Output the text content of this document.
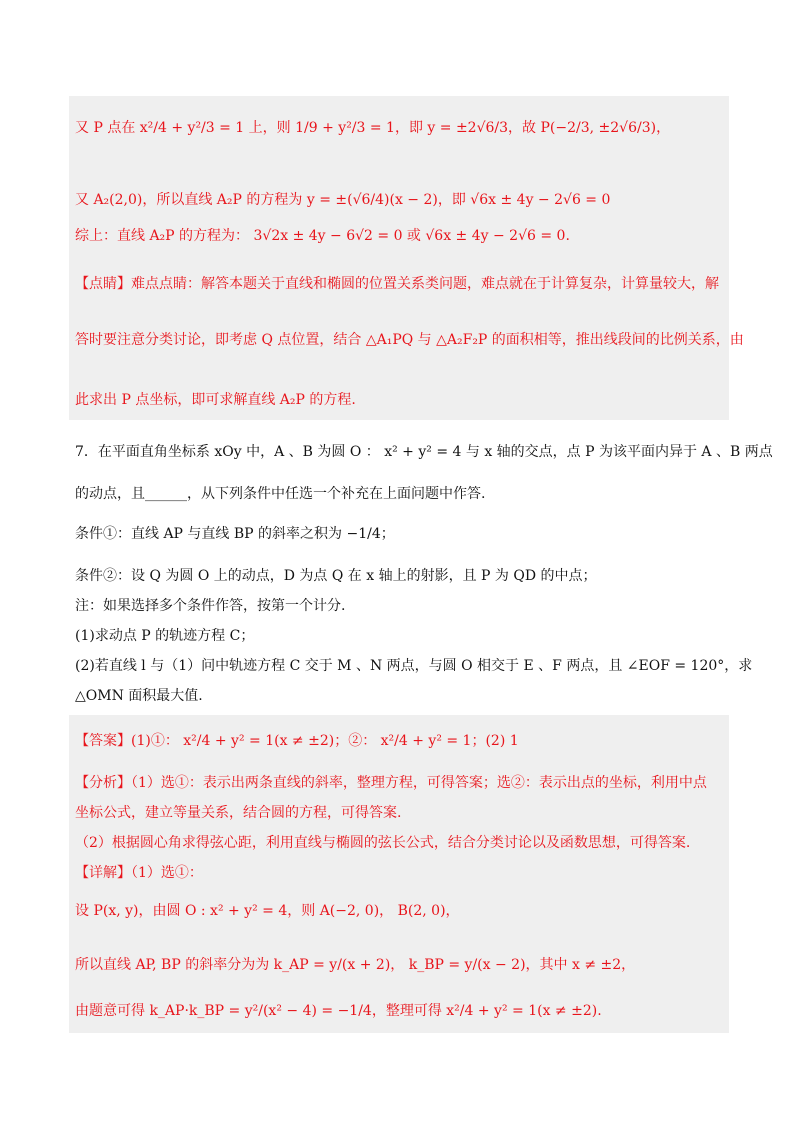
又 P 点在 x²/4 + y²/3 = 1 上，则 1/9 + y²/3 = 1，即 y = ±2√6/3，故 P(−2/3, ±2√6/3)，
又 A₂(2,0)，所以直线 A₂P 的方程为 y = ±(√6/4)(x − 2)，即 √6x ± 4y − 2√6 = 0
综上：直线 A₂P 的方程为： 3√2x ± 4y − 6√2 = 0 或 √6x ± 4y − 2√6 = 0.
【点睛】难点点睛：解答本题关于直线和椭圆的位置关系类问题，难点就在于计算复杂，计算量较大，解
答时要注意分类讨论，即考虑 Q 点位置，结合 △A₁PQ 与 △A₂F₂P 的面积相等，推出线段间的比例关系，由
此求出 P 点坐标，即可求解直线 A₂P 的方程.
7．在平面直角坐标系 xOy 中，A 、B 为圆 O ： x² + y² = 4 与 x 轴的交点，点 P 为该平面内异于 A 、B 两点
的动点，且______，从下列条件中任选一个补充在上面问题中作答.
条件①：直线 AP 与直线 BP 的斜率之积为 −1/4；
条件②：设 Q 为圆 O 上的动点，D 为点 Q 在 x 轴上的射影，且 P 为 QD 的中点；
注：如果选择多个条件作答，按第一个计分.
(1)求动点 P 的轨迹方程 C；
(2)若直线 l 与（1）问中轨迹方程 C 交于 M 、N 两点，与圆 O 相交于 E 、F 两点，且 ∠EOF = 120°，求
△OMN 面积最大值.
【答案】(1)①： x²/4 + y² = 1(x ≠ ±2)；②： x²/4 + y² = 1；(2) 1
【分析】（1）选①：表示出两条直线的斜率，整理方程，可得答案；选②：表示出点的坐标，利用中点
坐标公式，建立等量关系，结合圆的方程，可得答案.
（2）根据圆心角求得弦心距，利用直线与椭圆的弦长公式，结合分类讨论以及函数思想，可得答案.
【详解】（1）选①：
设 P(x, y)，由圆 O : x² + y² = 4，则 A(−2, 0)， B(2, 0)，
所以直线 AP, BP 的斜率分为为 k_AP = y/(x + 2)， k_BP = y/(x − 2)，其中 x ≠ ±2，
由题意可得 k_AP·k_BP = y²/(x² − 4) = −1/4，整理可得 x²/4 + y² = 1(x ≠ ±2).
